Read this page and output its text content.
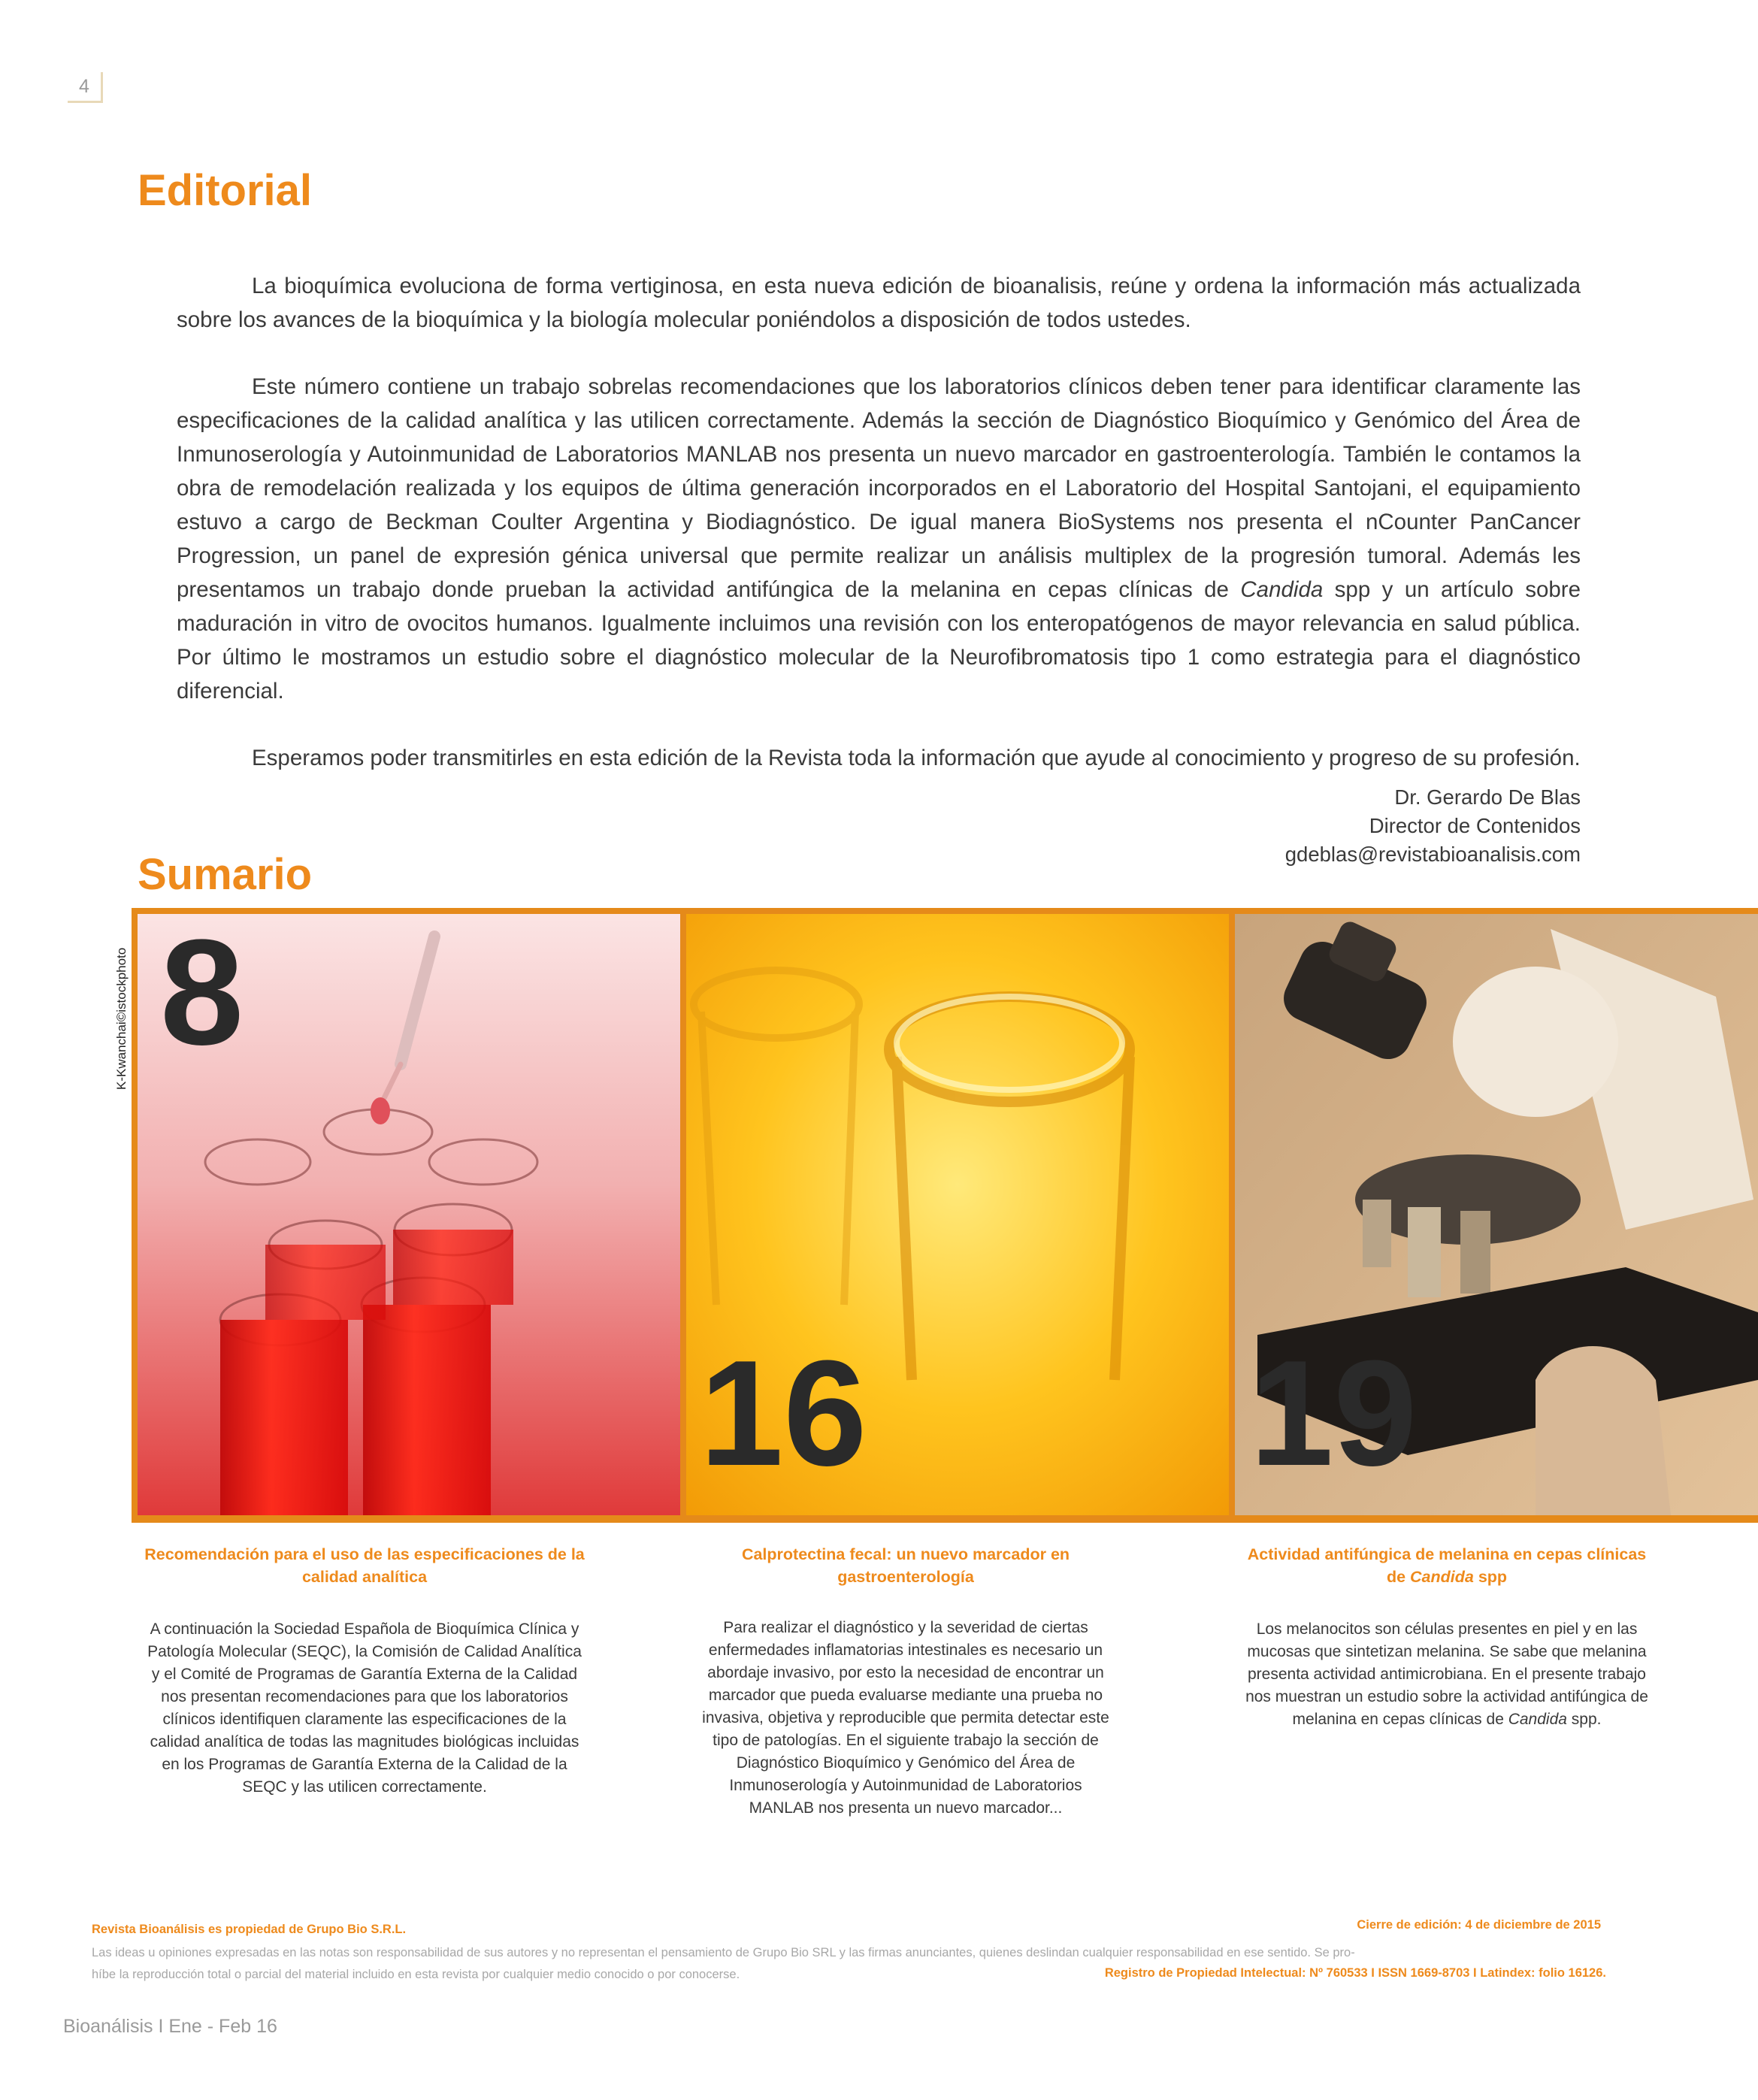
4
Editorial

La bioquímica evoluciona de forma vertiginosa, en esta nueva edición de bioanalisis, reúne y ordena la información más actualizada sobre los avances de la bioquímica y la biología molecular poniéndolos a disposición de todos ustedes.

Este número contiene un trabajo sobrelas recomendaciones que los laboratorios clínicos deben tener para identificar claramente las especificaciones de la calidad analítica y las utilicen correctamente. Además la sección de Diagnóstico Bioquímico y Genómico del Área de Inmunoserología y Autoinmunidad de Laboratorios MANLAB nos presenta un nuevo marcador en gastroenterología. También le contamos la obra de remodelación realizada y los equipos de última generación incorporados en el Laboratorio del Hospital Santojani, el equipamiento estuvo a cargo de Beckman Coulter Argentina y Biodiagnóstico. De igual manera BioSystems nos presenta el nCounter PanCancer Progression, un panel de expresión génica universal que permite realizar un análisis multiplex de la progresión tumoral. Además les presentamos un trabajo donde prueban la actividad antifúngica de la melanina en cepas clínicas de Candida spp y un artículo sobre maduración in vitro de ovocitos humanos. Igualmente incluimos una revisión con los enteropatógenos de mayor relevancia en salud pública. Por último le mostramos un estudio sobre el diagnóstico molecular de la Neurofibromatosis tipo 1 como estrategia para el diagnóstico diferencial.

Esperamos poder transmitirles en esta edición de la Revista toda la información que ayude al conocimiento y progreso de su profesión.

Dr. Gerardo De Blas
Director de Contenidos
gdeblas@revistabioanalisis.com
Sumario
K-Kwanchai©istockphoto 8
16	19
Recomendación para el uso de las especificaciones de la calidad analítica
A continuación la Sociedad Española de Bioquímica Clínica y Patología Molecular (SEQC), la Comisión de Calidad Analítica y el Comité de Programas de Garantía Externa de la Calidad nos presentan recomendaciones para que los laboratorios clínicos identifiquen claramente las especificaciones de la calidad analítica de todas las magnitudes biológicas incluidas en los Programas de Garantía Externa de la Calidad de la SEQC y las utilicen correctamente.
Calprotectina fecal: un nuevo marcador en gastroenterología
Para realizar el diagnóstico y la severidad de ciertas enfermedades inflamatorias intestinales es necesario un abordaje invasivo, por esto la necesidad de encontrar un marcador que pueda evaluarse mediante una prueba no invasiva, objetiva y reproducible que permita detectar este tipo de patologías. En el siguiente trabajo la sección de Diagnóstico Bioquímico y Genómico del Área de Inmunoserología y Autoinmunidad de Laboratorios MANLAB nos presenta un nuevo marcador...
Actividad antifúngica de melanina en cepas clínicas de Candida spp
Los melanocitos son células presentes en piel y en las mucosas que sintetizan melanina. Se sabe que melanina presenta actividad antimicrobiana. En el presente trabajo nos muestran un estudio sobre la actividad antifúngica de melanina en cepas clínicas de Candida spp.
Revista Bioanálisis es propiedad de Grupo Bio S.R.L.	Cierre de edición: 4 de diciembre de 2015
Las ideas u opiniones expresadas en las notas son responsabilidad de sus autores y no representan el pensamiento de Grupo Bio SRL y las firmas anunciantes, quienes deslindan cualquier responsabilidad en ese sentido. Se pro-
híbe la reproducción total o parcial del material incluido en esta revista por cualquier medio conocido o por conocerse.	Registro de Propiedad Intelectual: Nº 760533 I ISSN 1669-8703 I Latindex: folio 16126.
Bioanálisis I Ene - Feb 16
